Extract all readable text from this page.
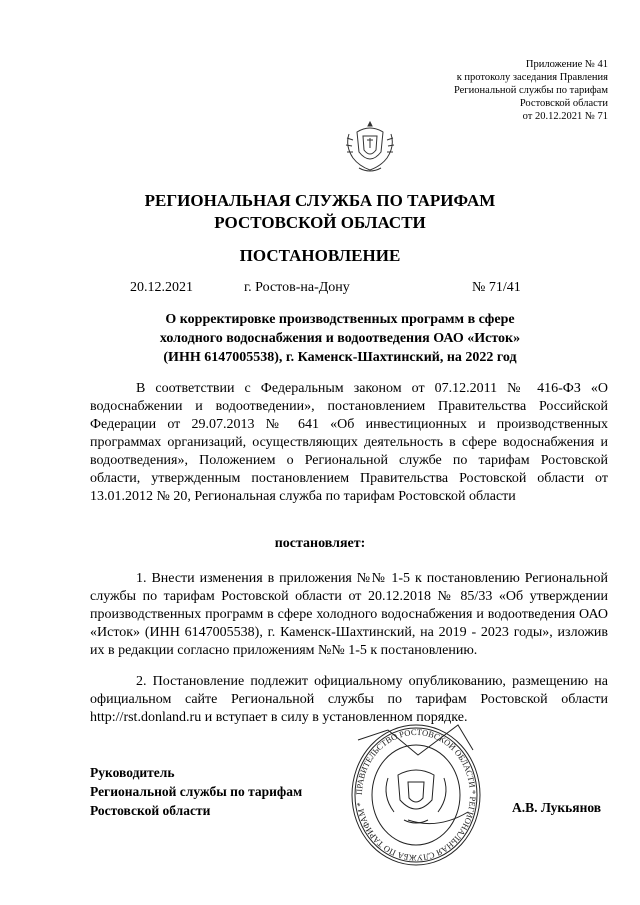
Приложение № 41
к протоколу заседания Правления
Региональной службы по тарифам
Ростовской области
от 20.12.2021 № 71
РЕГИОНАЛЬНАЯ СЛУЖБА ПО ТАРИФАМ
РОСТОВСКОЙ ОБЛАСТИ
ПОСТАНОВЛЕНИЕ
20.12.2021	г. Ростов-на-Дону	№ 71/41
О корректировке производственных программ в сфере
холодного водоснабжения и водоотведения ОАО «Исток»
(ИНН 6147005538), г. Каменск-Шахтинский, на 2022 год

В соответствии с Федеральным законом от 07.12.2011 № 416-ФЗ «О водоснабжении и водоотведении», постановлением Правительства Российской Федерации от 29.07.2013 № 641 «Об инвестиционных и производственных программах организаций, осуществляющих деятельность в сфере водоснабжения и водоотведения», Положением о Региональной службе по тарифам Ростовской области, утвержденным постановлением Правительства Ростовской области от 13.01.2012 № 20, Региональная служба по тарифам Ростовской области

постановляет:

1. Внести изменения в приложения №№ 1-5 к постановлению Региональной службы по тарифам Ростовской области от 20.12.2018 № 85/33 «Об утверждении производственных программ в сфере холодного водоснабжения и водоотведения ОАО «Исток» (ИНН 6147005538), г. Каменск-Шахтинский, на 2019 - 2023 годы», изложив их в редакции согласно приложениям №№ 1-5 к постановлению.

2. Постановление подлежит официальному опубликованию, размещению на официальном сайте Региональной службы по тарифам Ростовской области http://rst.donland.ru и вступает в силу в установленном порядке.

ПРАВИТЕЛЬСТВО РОСТОВСКОЙ ОБЛАСТИ * РЕГИОНАЛЬНАЯ СЛУЖБА ПО ТАРИФАМ *
Руководитель
Региональной службы по тарифам
Ростовской области	А.В. Лукьянов
